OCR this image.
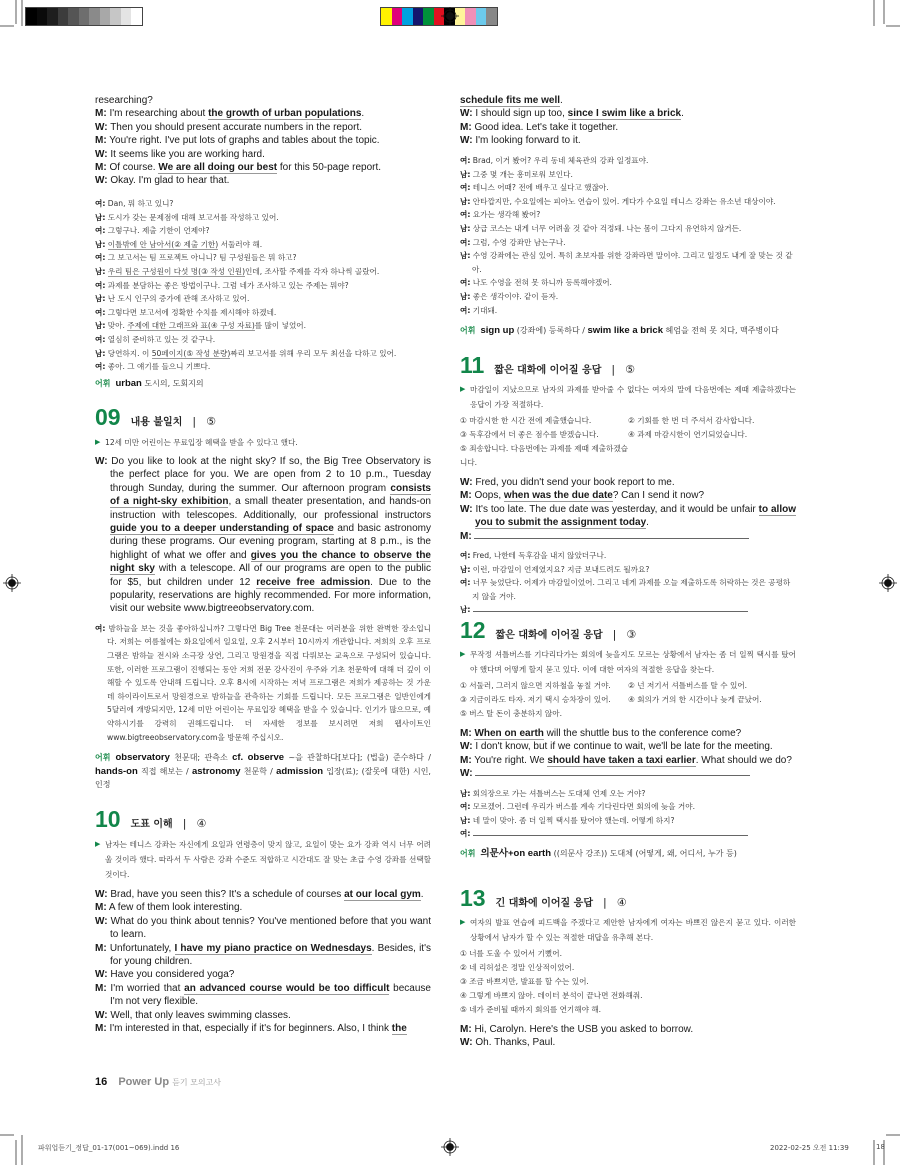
파워업듣기_정답_01-17(001~069).indd 16	2022-02-25 오전 11:39	18
researching?
M: I'm researching about the growth of urban populations.
W: Then you should present accurate numbers in the report.
M: You're right. I've put lots of graphs and tables about the topic.
W: It seems like you are working hard.
M: Of course. We are all doing our best for this 50-page report.
W: Okay. I'm glad to hear that.
여: Dan, 뭐 하고 있니?
남: 도시가 갖는 문제점에 대해 보고서를 작성하고 있어.
여: 그렇구나. 제출 기한이 언제야?
남: 이틀밖에 안 남아서(② 제출 기한) 서둘러야 해.
여: 그 보고서는 팀 프로젝트 아니니? 팀 구성원들은 뭐 하고?
남: 우리 팀은 구성원이 다섯 명(③ 작성 인원)인데, 조사할 주제를 각자 하나씩 골랐어.
여: 과제를 분담하는 좋은 방법이구나. 그럼 네가 조사하고 있는 주제는 뭐야?
남: 난 도시 인구의 증가에 관해 조사하고 있어.
여: 그렇다면 보고서에 정확한 수치를 제시해야 하겠네.
남: 맞아. 주제에 대한 그래프와 표(④ 구성 자료)를 많이 넣었어.
여: 열심히 준비하고 있는 것 같구나.
남: 당연하지. 이 50페이지(⑤ 작성 분량)짜리 보고서를 위해 우리 모두 최선을 다하고 있어.
여: 좋아. 그 얘기를 들으니 기쁘다.
어휘 urban 도시의, 도회지의
09 내용 불일치 | ⑤
▶ 12세 미만 어린이는 무료입장 혜택을 받을 수 있다고 했다.
W: Do you like to look at the night sky? If so, the Big Tree Observatory is the perfect place for you. We are open from 2 to 10 p.m., Tuesday through Sunday, during the summer. Our afternoon program consists of a night-sky exhibition, a small theater presentation, and hands-on instruction with telescopes. Additionally, our professional instructors guide you to a deeper understanding of space and basic astronomy during these programs. Our evening program, starting at 8 p.m., is the highlight of what we offer and gives you the chance to observe the night sky with a telescope. All of our programs are open to the public for $5, but children under 12 receive free admission. Due to the popularity, reservations are highly recommended. For more information, visit our website www.bigtreeobservatory.com.
여: 밤하늘을 보는 것을 좋아하십니까? 그렇다면 Big Tree 천문대는 여러분을 위한 완벽한 장소입니다. 저희는 여름철에는 화요일에서 일요일, 오후 2시부터 10시까지 개관합니다. 저희의 오후 프로그램은 밤하늘 전시와 소극장 상연, 그리고 망원경을 직접 다뤄보는 교육으로 구성되어 있습니다. 또한, 이러한 프로그램이 진행되는 동안 저희 전문 강사진이 우주와 기초 천문학에 대해 더 깊이 이해할 수 있도록 안내해 드립니다. 오후 8시에 시작하는 저녁 프로그램은 저희가 제공하는 것 가운데 하이라이트로서 망원경으로 밤하늘을 관측하는 기회를 드립니다. 모든 프로그램은 일반인에게 5달러에 개방되지만, 12세 미만 어린이는 무료입장 혜택을 받을 수 있습니다. 인기가 많으므로, 예약하시기를 강력히 권해드립니다. 더 자세한 정보를 보시려면 저희 웹사이트인 www.bigtreeobservatory.com을 방문해 주십시오.
어휘 observatory 천문대; 관측소 cf. observe ~을 관찰하다[보다]; (법을) 준수하다 / hands-on 직접 해보는 / astronomy 천문학 / admission 입장(료); (잘못에 대한) 시인, 인정
10 도표 이해 | ④
▶ 남자는 테니스 강좌는 자신에게 요일과 연령층이 맞지 않고, 요일이 맞는 요가 강좌 역시 너무 어려울 것이라 했다. 따라서 두 사람은 강좌 수준도 적합하고 시간대도 잘 맞는 초급 수영 강좌를 선택할 것이다.
W: Brad, have you seen this? It's a schedule of courses at our local gym.
M: A few of them look interesting.
W: What do you think about tennis? You've mentioned before that you want to learn.
M: Unfortunately, I have my piano practice on Wednesdays. Besides, it's for young children.
W: Have you considered yoga?
M: I'm worried that an advanced course would be too difficult because I'm not very flexible.
W: Well, that only leaves swimming classes.
M: I'm interested in that, especially if it's for beginners. Also, I think the
16 Power Up 듣기 모의고사
schedule fits me well.
W: I should sign up too, since I swim like a brick.
M: Good idea. Let's take it together.
W: I'm looking forward to it.
여: Brad, 이거 봤어? 우리 동네 체육관의 강좌 일정표야.
남: 그중 몇 개는 흥미로워 보인다.
여: 테니스 어때? 전에 배우고 싶다고 했잖아.
남: 안타깝지만, 수요일에는 피아노 연습이 있어. 게다가 수요일 테니스 강좌는 유소년 대상이야.
여: 요가는 생각해 봤어?
남: 상급 코스는 내게 너무 어려울 것 같아 걱정돼. 나는 몸이 그다지 유연하지 않거든.
여: 그럼, 수영 강좌만 남는구나.
남: 수영 강좌에는 관심 있어. 특히 초보자를 위한 강좌라면 말이야. 그리고 일정도 내게 잘 맞는 것 같아.
여: 나도 수영을 전혀 못 하니까 등록해야겠어.
남: 좋은 생각이야. 같이 듣자.
여: 기대돼.
어휘 sign up (강좌에) 등록하다 / swim like a brick 헤엄을 전혀 못 치다, 맥주병이다
11 짧은 대화에 이어질 응답 | ⑤
▶ 마감일이 지났으므로 남자의 과제를 받아줄 수 없다는 여자의 말에 다음번에는 제때 제출하겠다는 응답이 가장 적절하다.
① 마감시한 한 시간 전에 제출했습니다.	② 기회를 한 번 더 주셔서 감사합니다.
③ 독후감에서 더 좋은 점수를 받겠습니다.	④ 과제 마감시한이 연기되었습니다.
⑤ 죄송합니다. 다음번에는 과제를 제때 제출하겠습니다.
W: Fred, you didn't send your book report to me.
M: Oops, when was the due date? Can I send it now?
W: It's too late. The due date was yesterday, and it would be unfair to allow you to submit the assignment today.
M:
여: Fred, 나한테 독후감을 내지 않았더구나.
남: 이런, 마감일이 언제였지요? 지금 보내드려도 될까요?
여: 너무 늦었단다. 어제가 마감일이었어. 그리고 네게 과제를 오늘 제출하도록 허락하는 것은 공평하지 않을 거야.
남:
12 짧은 대화에 이어질 응답 | ③
▶ 무작정 셔틀버스를 기다리다가는 회의에 늦을지도 모르는 상황에서 남자는 좀 더 일찍 택시를 탔어야 했다며 어떻게 할지 묻고 있다. 이에 대한 여자의 적절한 응답을 찾는다.
① 서둘러, 그러지 않으면 지하철을 놓칠 거야.	② 넌 저기서 셔틀버스를 탈 수 있어.
③ 지금이라도 타자. 저기 택시 승차장이 있어.	④ 회의가 거의 한 시간이나 늦게 끝났어.
⑤ 버스 탈 돈이 충분하지 않아.
M: When on earth will the shuttle bus to the conference come?
W: I don't know, but if we continue to wait, we'll be late for the meeting.
M: You're right. We should have taken a taxi earlier. What should we do?
W:
남: 회의장으로 가는 셔틀버스는 도대체 언제 오는 거야?
여: 모르겠어. 그런데 우리가 버스를 계속 기다린다면 회의에 늦을 거야.
남: 네 말이 맞아. 좀 더 일찍 택시를 탔어야 했는데. 어떻게 하지?
여:
어휘 의문사+on earth ((의문사 강조)) 도대체 (어떻게, 왜, 어디서, 누가 등)
13 긴 대화에 이어질 응답 | ④
▶ 여자의 발표 연습에 피드백을 주겠다고 제안한 남자에게 여자는 바쁘진 않은지 묻고 있다. 이러한 상황에서 남자가 할 수 있는 적절한 대답을 유추해 본다.
① 너를 도울 수 있어서 기뻤어.
② 네 리허설은 정말 인상적이었어.
③ 조금 바쁘지만, 발표를 할 수는 있어.
④ 그렇게 바쁘지 않아. 데이터 분석이 끝나면 전화해줘.
⑤ 네가 준비될 때까지 회의를 연기해야 해.
M: Hi, Carolyn. Here's the USB you asked to borrow.
W: Oh. Thanks, Paul.
